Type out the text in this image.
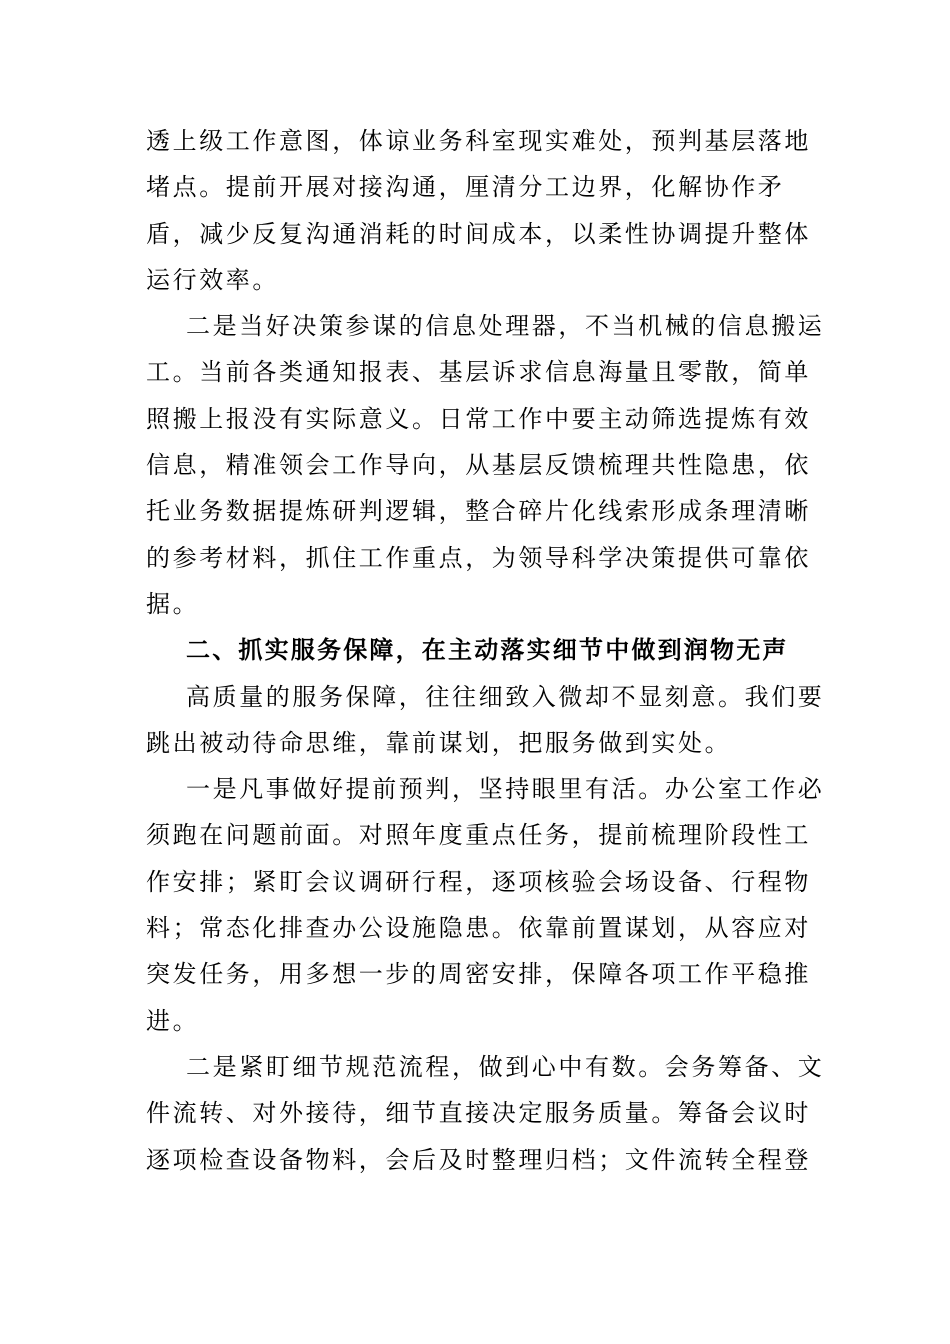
透上级工作意图，体谅业务科室现实难处，预判基层落地
堵点。提前开展对接沟通，厘清分工边界，化解协作矛
盾，减少反复沟通消耗的时间成本，以柔性协调提升整体
运行效率。
二是当好决策参谋的信息处理器，不当机械的信息搬运
工。当前各类通知报表、基层诉求信息海量且零散，简单
照搬上报没有实际意义。日常工作中要主动筛选提炼有效
信息，精准领会工作导向，从基层反馈梳理共性隐患，依
托业务数据提炼研判逻辑，整合碎片化线索形成条理清晰
的参考材料，抓住工作重点，为领导科学决策提供可靠依
据。
二、抓实服务保障，在主动落实细节中做到润物无声
高质量的服务保障，往往细致入微却不显刻意。我们要
跳出被动待命思维，靠前谋划，把服务做到实处。
一是凡事做好提前预判，坚持眼里有活。办公室工作必
须跑在问题前面。对照年度重点任务，提前梳理阶段性工
作安排；紧盯会议调研行程，逐项核验会场设备、行程物
料；常态化排查办公设施隐患。依靠前置谋划，从容应对
突发任务，用多想一步的周密安排，保障各项工作平稳推
进。
二是紧盯细节规范流程，做到心中有数。会务筹备、文
件流转、对外接待，细节直接决定服务质量。筹备会议时
逐项检查设备物料，会后及时整理归档；文件流转全程登
